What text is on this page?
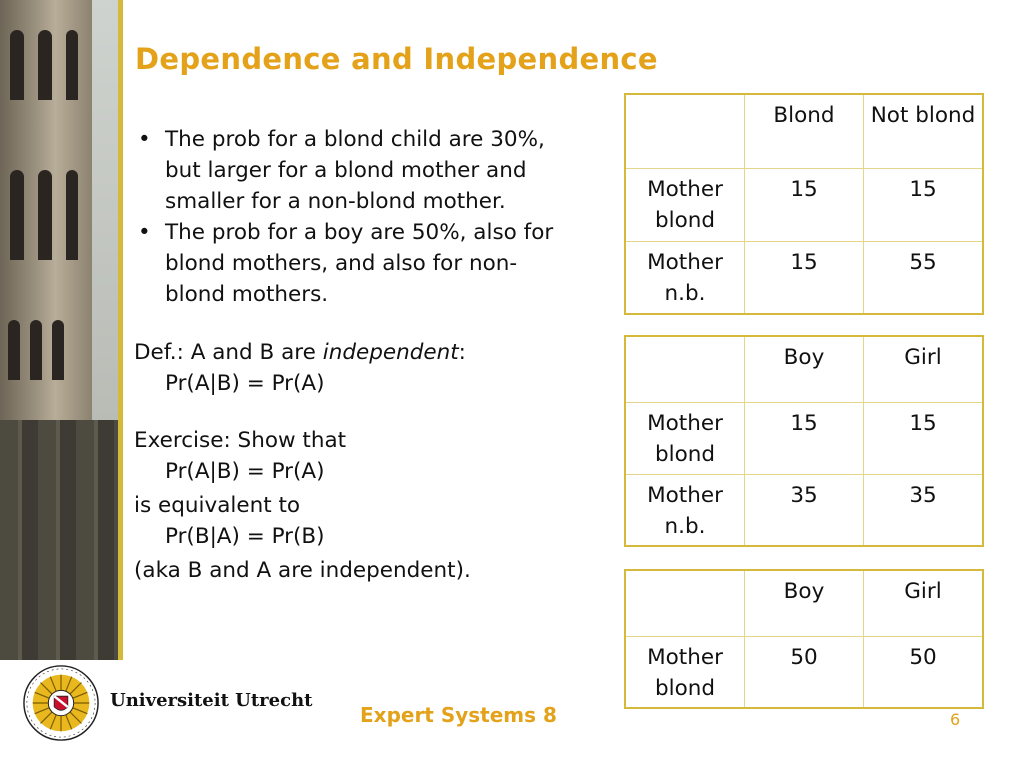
Dependence and Independence
• The prob for a blond child are 30%, but larger for a blond mother and smaller for a non-blond mother.
• The prob for a boy are 50%, also for blond mothers, and also for non-blond mothers.

Def.: A and B are independent:

Pr(A|B) = Pr(A)

Exercise: Show that

Pr(A|B) = Pr(A)

is equivalent to

Pr(B|A) = Pr(B)

(aka B and A are independent).

	Blond	Not blond
Mother blond	15	15
Mother n.b.	15	55
	Boy	Girl
Mother blond	15	15
Mother n.b.	35	35
	Boy	Girl
Mother blond	50	50
Universiteit Utrecht
Expert Systems 8	6
